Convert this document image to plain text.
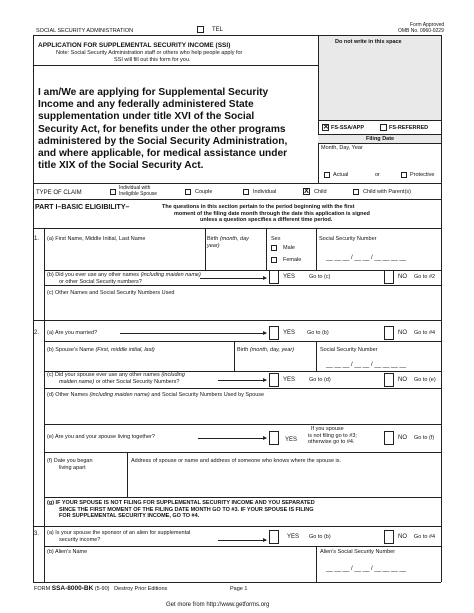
SOCIAL SECURITY ADMINISTRATION	TEL
Form Approved
OMB No. 0960-0229
Do not write in this space
APPLICATION FOR SUPPLEMENTAL SECURITY INCOME (SSI)
Note: Social Security Administration staff or others who help people apply for
SSI will fill out this form for you.
I am/We are applying for Supplemental Security
Income and any federally administered State
supplementation under title XVI of the Social
Security Act, for benefits under the other programs
administered by the Social Security Administration,
and where applicable, for medical assistance under
title XIX of the Social Security Act.
✕ FS-SSA/APP	FS-REFERRED
Filing Date
Month, Day, Year
Actual	or	Protective
TYPE OF CLAIM
Individual with
Ineligible Spouse	Couple	Individual	X Child	Child with Parent(s)
PART I–BASIC ELIGIBILITY–	The questions in this section pertain to the period beginning with the first
moment of the filing date month through the date this application is signed
unless a question specifies a different time period.
1. (a) First Name, Middle Initial, Last Name	Birth (month, day
year)
Sex
Male
Female
Social Security Number
__ __ __ / __ __ / __ __ __ __
(b) Did you ever use any other names (including maiden name)
or other Social Security numbers?
YES	Go to (c)	NO Go to #2
(c) Other Names and Social Security Numbers Used
2. (a) Are you married?	YES Go to (b)	NO Go to #4
(b) Spouse's Name (First, middle initial, last)	Birth (month, day, year)	Social Security Number
__ __ __ / __ __ / __ __ __ __
(c) Did your spouse ever use any other names (including
maiden name) or other Social Security Numbers?	YES	Go to (d)	NO Go to (e)
(d) Other Names (including maiden name) and Social Security Numbers Used by Spouse
(e) Are you and your spouse living together?	YES
If you spouse
is not filing go to #3;
otherwise go to #4.
NO Go to (f)
(f) Date you began
living apart
Address of spouse or name and address of someone who knows where the spouse is.
(g) IF YOUR SPOUSE IS NOT FILING FOR SUPPLEMENTAL SECURITY INCOME AND YOU SEPARATED
SINCE THE FIRST MOMENT OF THE FILING DATE MONTH GO TO #3. IF YOUR SPOUSE IS FILING
FOR SUPPLEMENTAL SECURITY INCOME, GO TO #4.
3. (a) Is your spouse the sponsor of an alien for supplemental
security income?	YES Go to (b)	NO Go to #4
(b) Alien's Name	Alien's Social Security Number
__ __ __ / __ __ / __ __ __ __
FORM SSA-8000-BK (5-90) Destroy Prior Editions	Page 1
Get more from http://www.getforms.org
